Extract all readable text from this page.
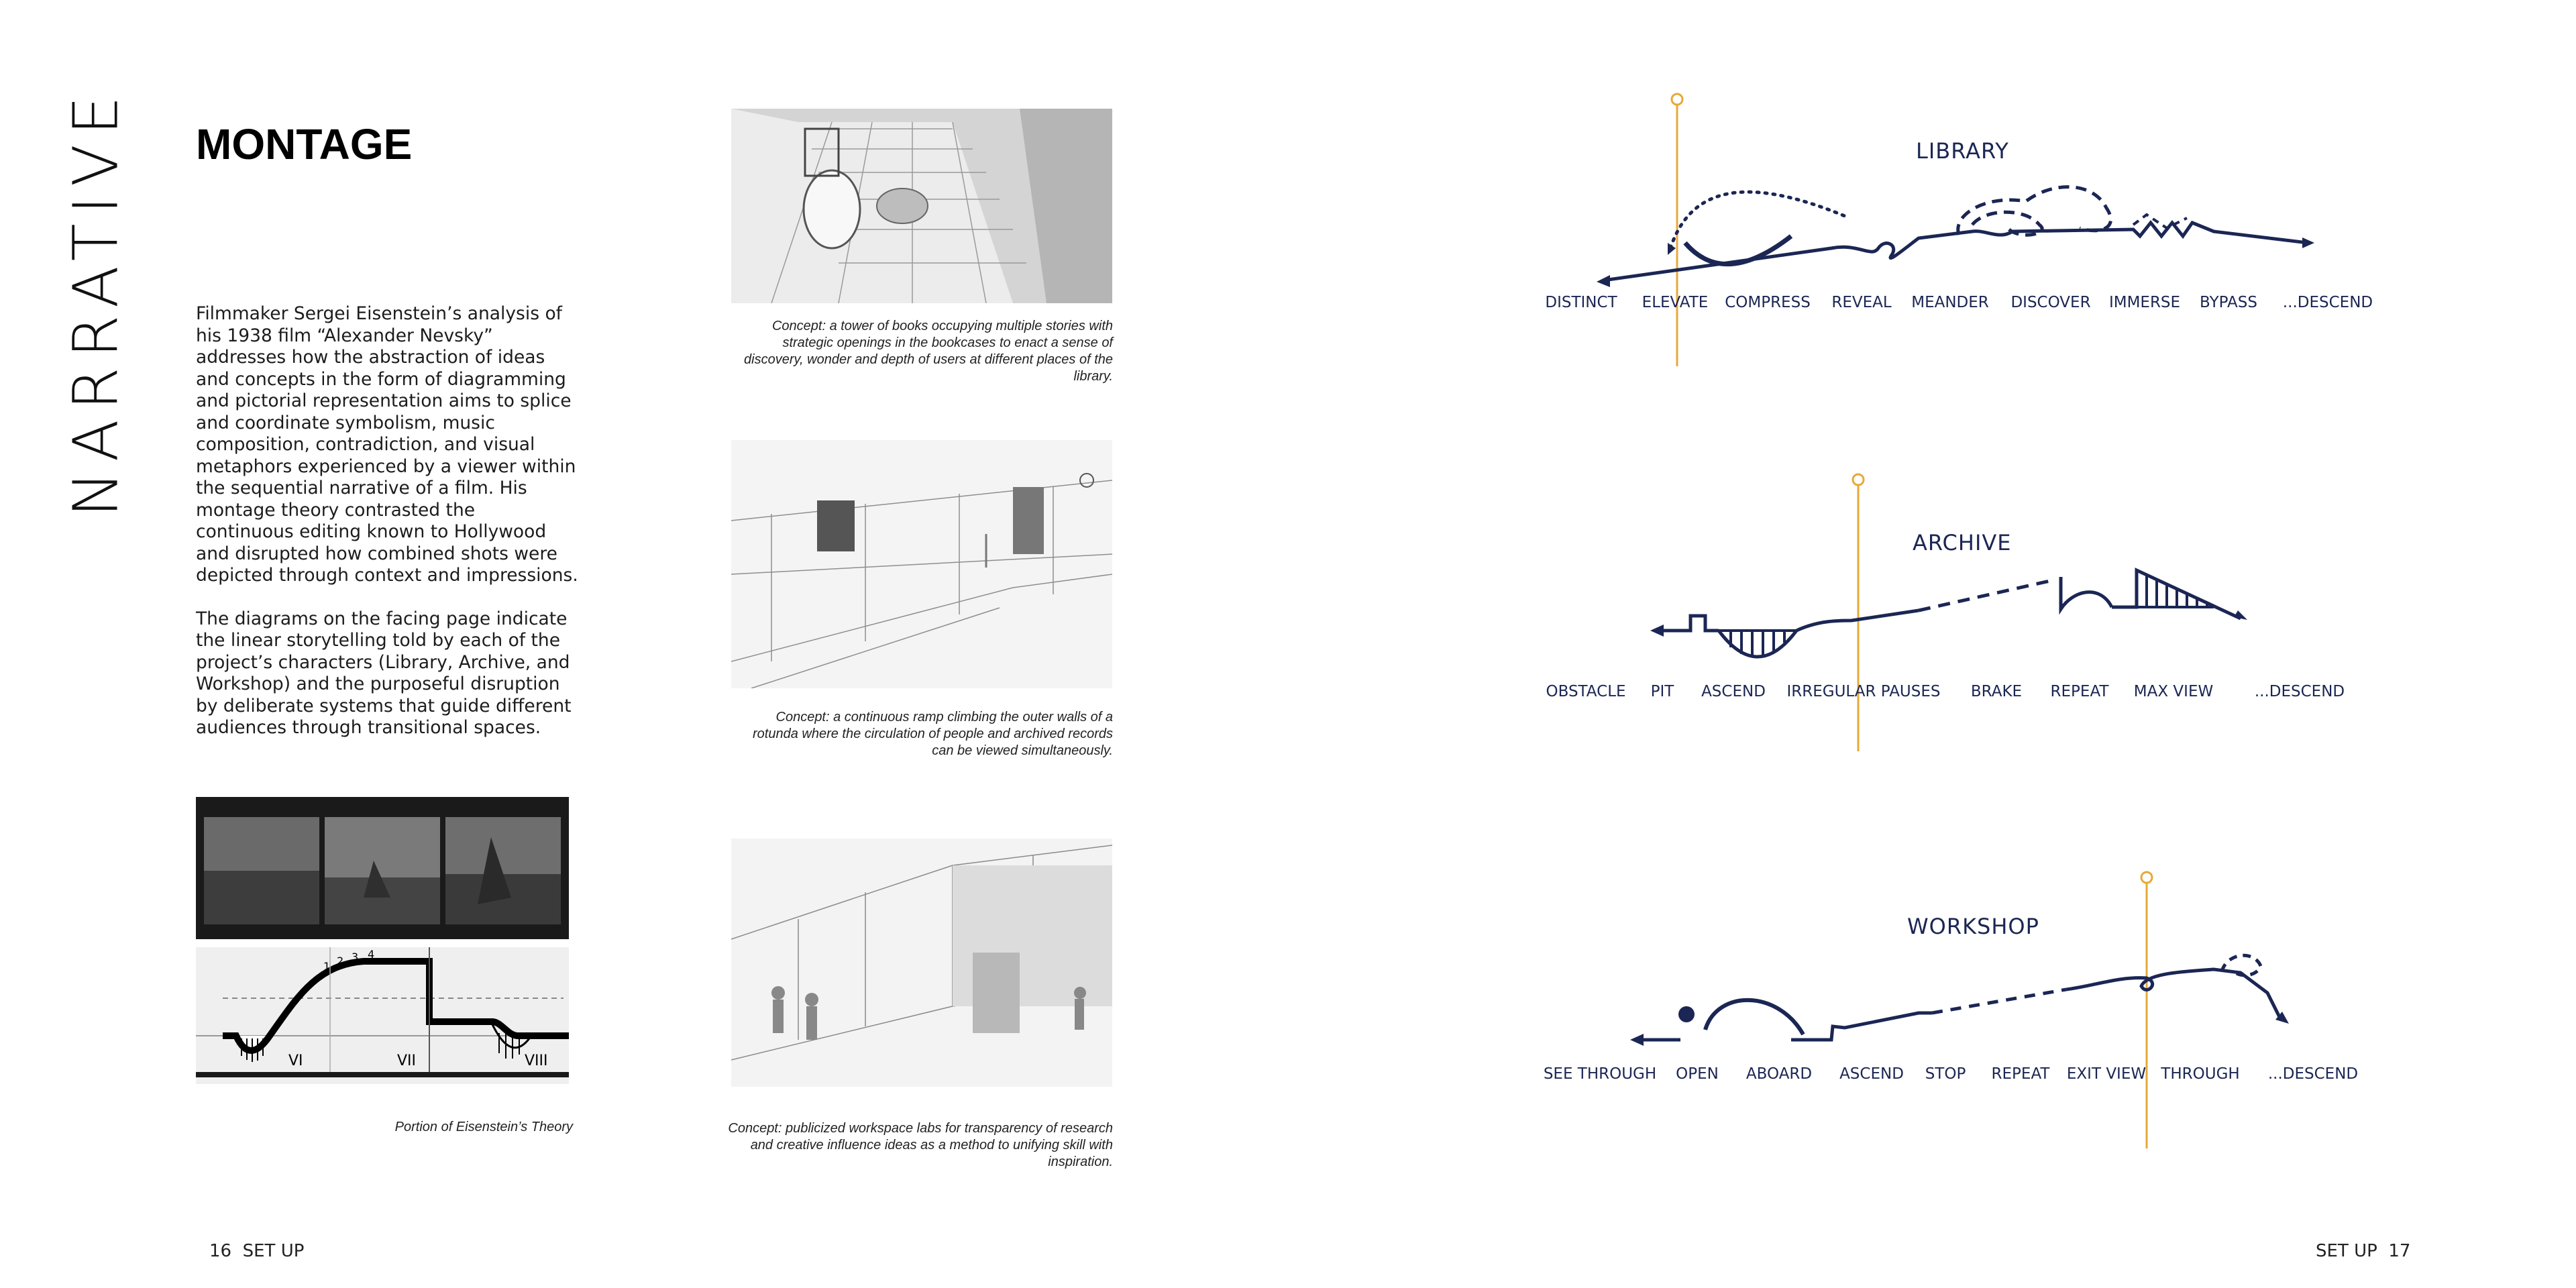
NARRATIVE MONTAGE

Filmmaker Sergei Eisenstein’s analysis of his 1938 film “Alexander Nevsky” addresses how the abstraction of ideas and concepts in the form of diagramming and pictorial representation aims to splice and coordinate symbolism, music composition, contradiction, and visual metaphors experienced by a viewer within the sequential narrative of a film. His montage theory contrasted the continuous editing known to Hollywood and disrupted how combined shots were depicted through context and impressions.

The diagrams on the facing page indicate the linear storytelling told by each of the project’s characters (Library, Archive, and Workshop) and the purposeful disruption by deliberate systems that guide different audiences through transitional spaces.

VI	VII	VIII
1 2 3 4
Portion of Eisenstein’s Theory
Concept: a tower of books occupying multiple stories with strategic openings in the bookcases to enact a sense of discovery, wonder and depth of users at different places of the library.
Concept: a continuous ramp climbing the outer walls of a rotunda where the circulation of people and archived records can be viewed simultaneously.
Concept: publicized workspace labs for transparency of research and creative influence ideas as a method to unifying skill with inspiration.
16 SET UP
LIBRARY
DISTINCT ELEVATE COMPRESS REVEAL MEANDER DISCOVER IMMERSE BYPASS ...DESCEND
ARCHIVE
OBSTACLE PIT ASCEND IRREGULAR PAUSES BRAKE REPEAT MAX VIEW	...DESCEND
WORKSHOP
SEE THROUGH OPEN ABOARD ASCEND STOP REPEAT EXIT VIEW THROUGH ...DESCEND
SET UP 17
